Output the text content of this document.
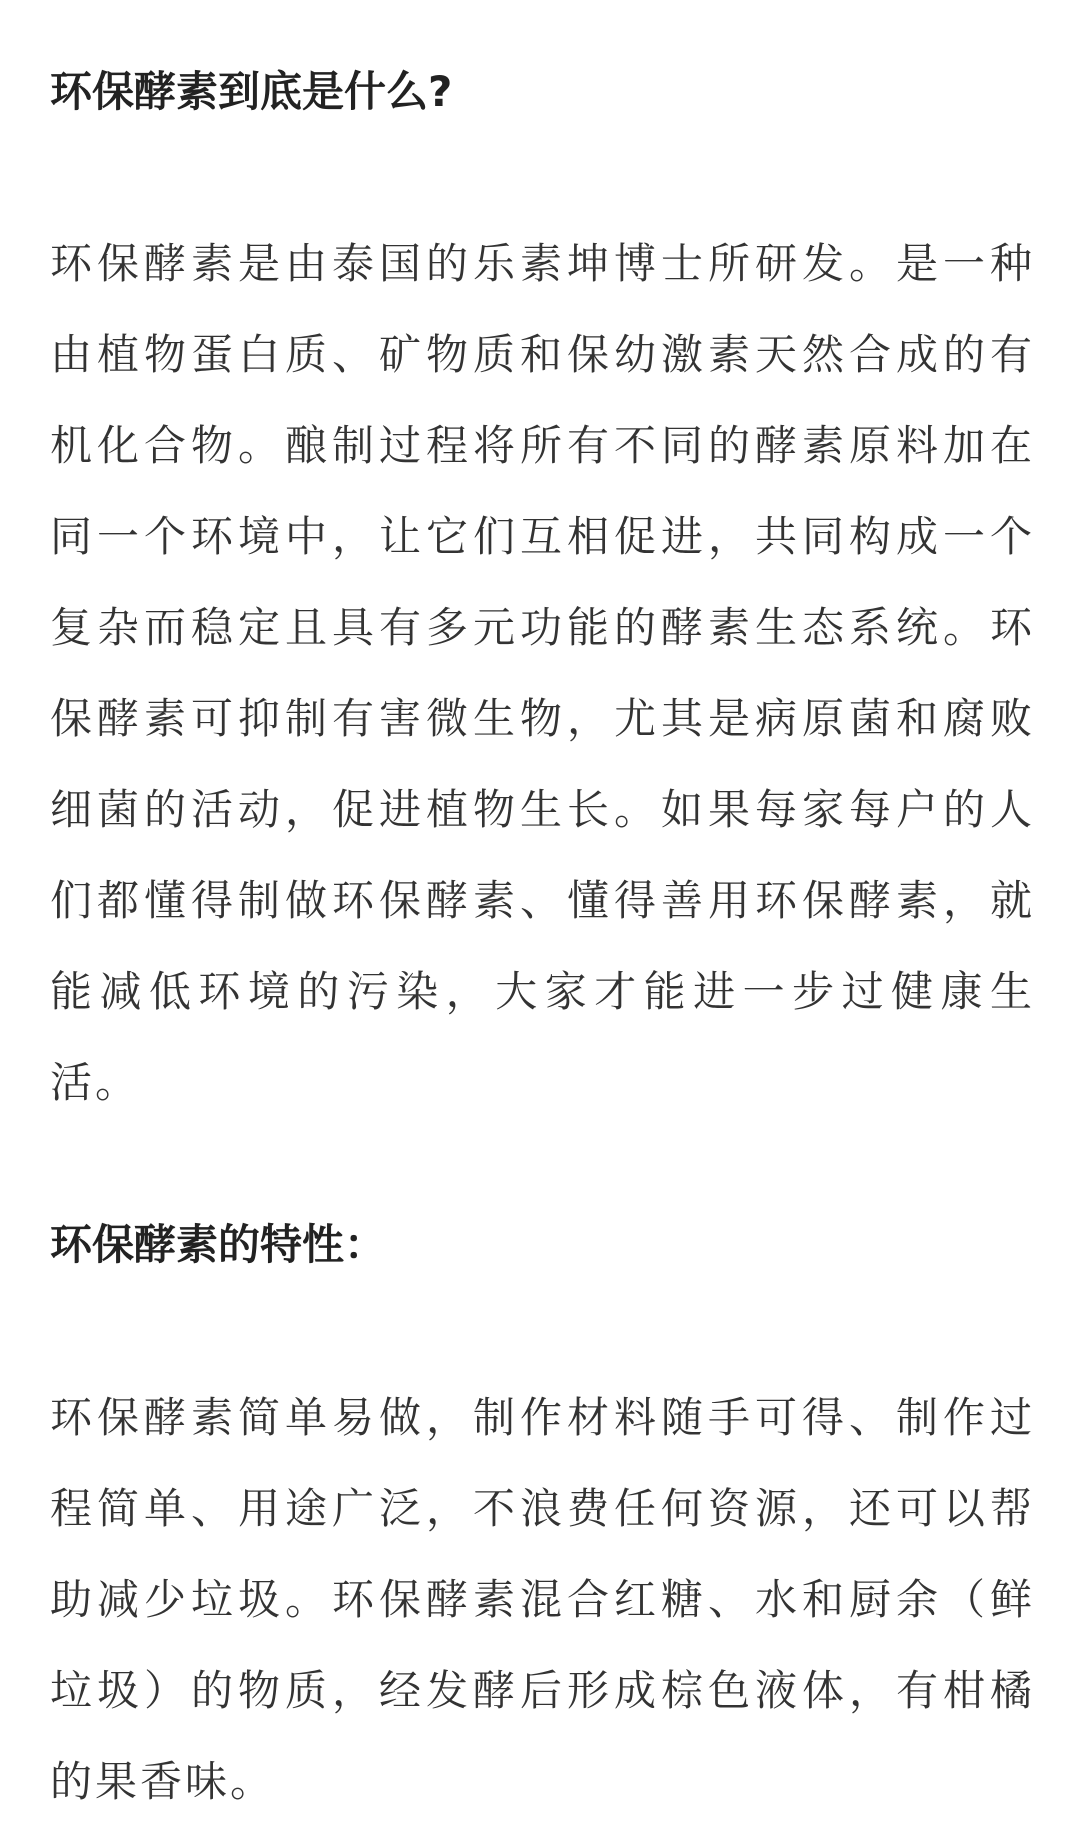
环保酵素到底是什么?

环保酵素是由泰国的乐素坤博士所研发。是一种由植物蛋白质、矿物质和保幼激素天然合成的有机化合物。酿制过程将所有不同的酵素原料加在同一个环境中，让它们互相促进，共同构成一个复杂而稳定且具有多元功能的酵素生态系统。环保酵素可抑制有害微生物，尤其是病原菌和腐败细菌的活动，促进植物生长。如果每家每户的人们都懂得制做环保酵素、懂得善用环保酵素，就能减低环境的污染，大家才能进一步过健康生活。

环保酵素的特性：

环保酵素简单易做，制作材料随手可得、制作过程简单、用途广泛，不浪费任何资源，还可以帮助减少垃圾。环保酵素混合红糖、水和厨余（鲜垃圾）的物质，经发酵后形成棕色液体，有柑橘的果香味。
